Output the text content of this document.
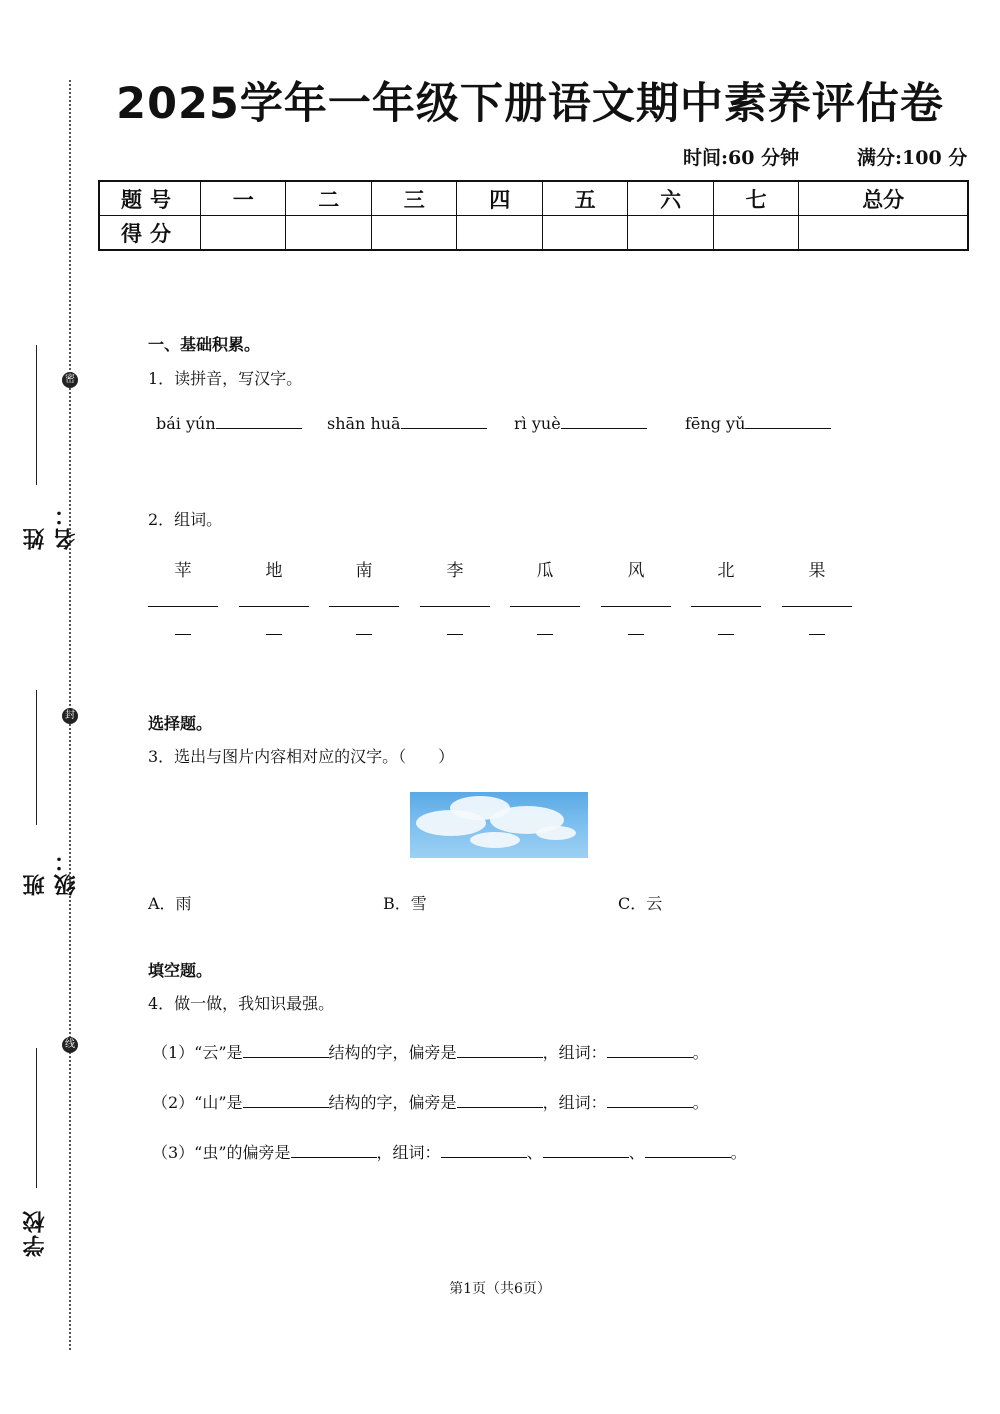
密
封
线
姓名：
班级：
学校
2025学年一年级下册语文期中素养评估卷
时间:60 分钟	满分:100 分
题号	一	二	三	四	五	六	七	总分
得分								
一、基础积累。
1．读拼音，写汉字。
bái yún	shān huā	rì yuè	fēng yǔ
2．组词。
苹	地	南	李	瓜	风	北	果
选择题。
3．选出与图片内容相对应的汉字。（　　）
A．雨	B．雪	C．云
填空题。
4．做一做，我知识最强。
（1）“云”是	结构的字，偏旁是	，组词：	。
（2）“山”是	结构的字，偏旁是	，组词：	。
（3）“虫”的偏旁是	，组词：	、	、	。
第1页（共6页）
